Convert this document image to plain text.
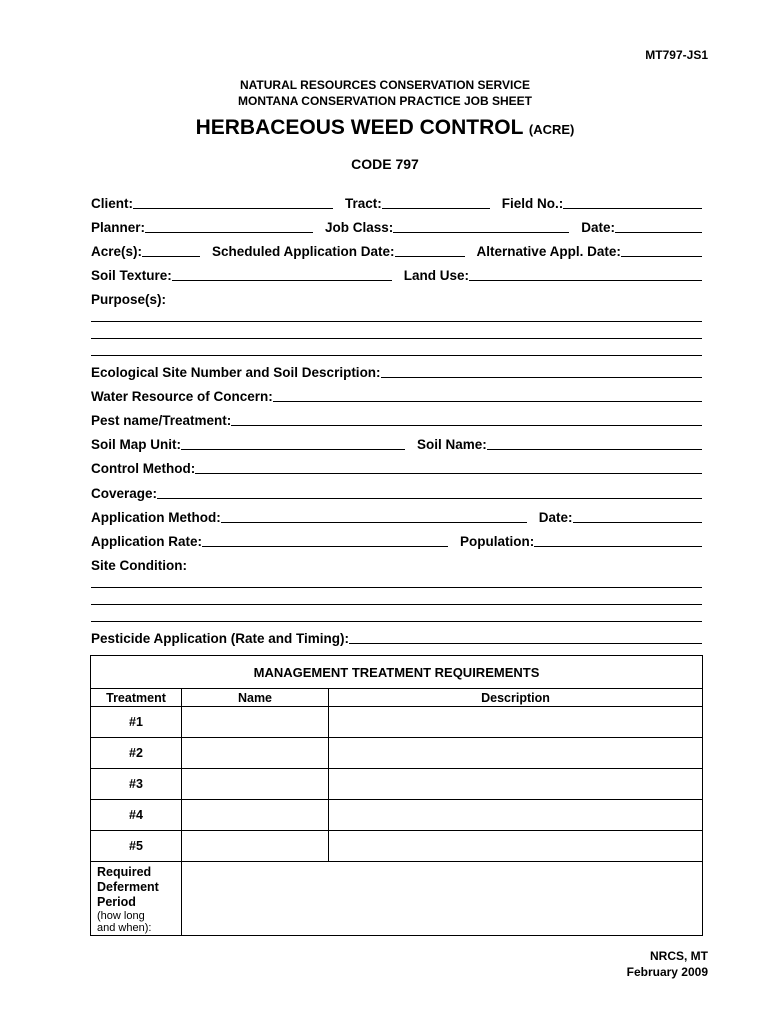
MT797-JS1
NATURAL RESOURCES CONSERVATION SERVICE
MONTANA CONSERVATION PRACTICE JOB SHEET
HERBACEOUS WEED CONTROL (ACRE)
CODE 797
Client:	Tract:	Field No.:
Planner:	Job Class:	Date:
Acre(s):	Scheduled Application Date:	Alternative Appl. Date:
Soil Texture:	Land Use:
Purpose(s):
Ecological Site Number and Soil Description:
Water Resource of Concern:
Pest name/Treatment:
Soil Map Unit:	Soil Name:
Control Method:
Coverage:
Application Method:	Date:
Application Rate:	Population:
Site Condition:
Pesticide Application (Rate and Timing):
MANAGEMENT TREATMENT REQUIREMENTS		
Treatment	Name	Description
#1		
#2		
#3		
#4		
#5		
Required
Deferment
Period
(how long
and when):		

NRCS, MT
February 2009
